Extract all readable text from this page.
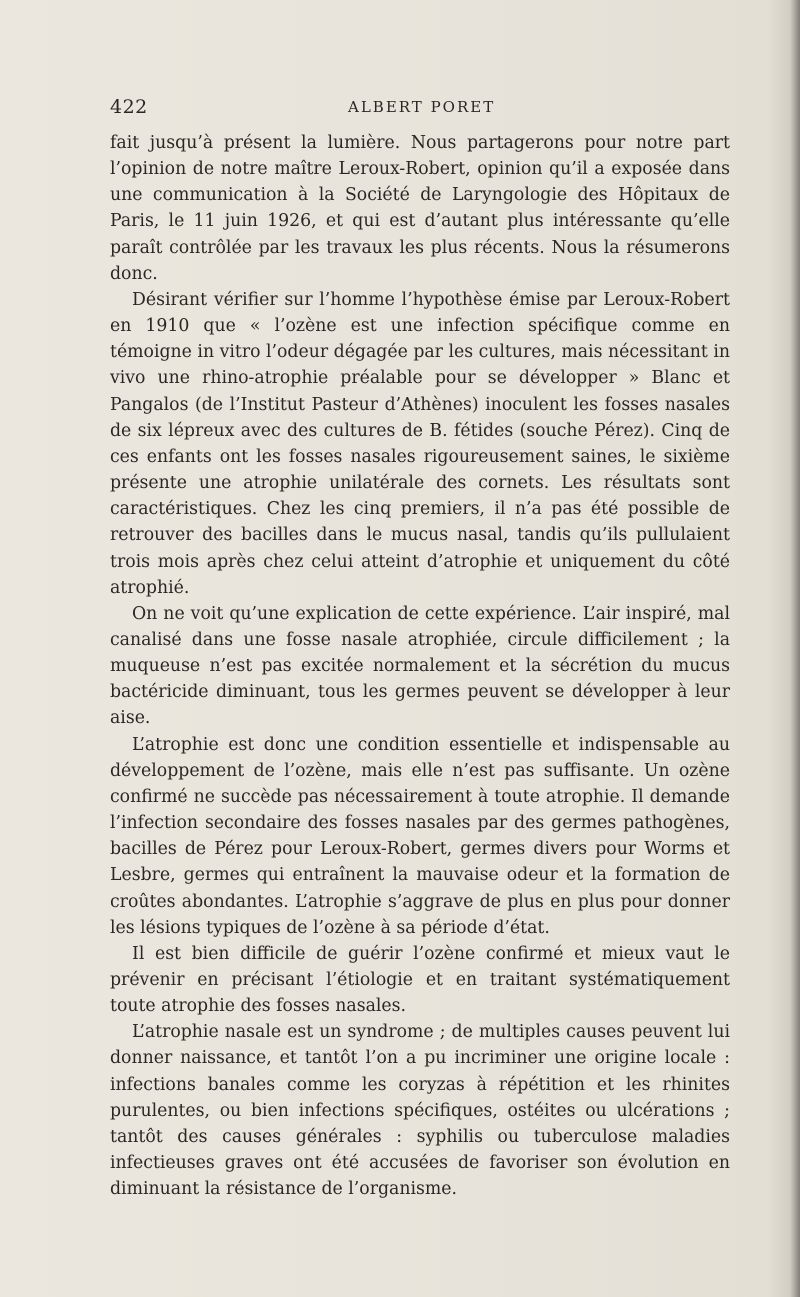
422	ALBERT PORET

fait jusqu’à présent la lumière. Nous partagerons pour notre part l’opinion de notre maître Leroux-Robert, opinion qu’il a exposée dans une communication à la Société de Laryngologie des Hôpitaux de Paris, le 11 juin 1926, et qui est d’autant plus intéressante qu’elle paraît contrôlée par les travaux les plus récents. Nous la résumerons donc.

Désirant vérifier sur l’homme l’hypothèse émise par Leroux-Robert en 1910 que « l’ozène est une infection spécifique comme en témoigne in vitro l’odeur dégagée par les cultures, mais nécessitant in vivo une rhino-atrophie préalable pour se développer » Blanc et Pangalos (de l’Institut Pasteur d’Athènes) inoculent les fosses nasales de six lépreux avec des cultures de B. fétides (souche Pérez). Cinq de ces enfants ont les fosses nasales rigoureusement saines, le sixième présente une atrophie unilatérale des cornets. Les résultats sont caractéristiques. Chez les cinq premiers, il n’a pas été possible de retrouver des bacilles dans le mucus nasal, tandis qu’ils pullulaient trois mois après chez celui atteint d’atrophie et uniquement du côté atrophié.

On ne voit qu’une explication de cette expérience. L’air inspiré, mal canalisé dans une fosse nasale atrophiée, circule difficilement ; la muqueuse n’est pas excitée normalement et la sécrétion du mucus bactéricide diminuant, tous les germes peuvent se développer à leur aise.

L’atrophie est donc une condition essentielle et indispensable au développement de l’ozène, mais elle n’est pas suffisante. Un ozène confirmé ne succède pas nécessairement à toute atrophie. Il demande l’infection secondaire des fosses nasales par des germes pathogènes, bacilles de Pérez pour Leroux-Robert, germes divers pour Worms et Lesbre, germes qui entraînent la mauvaise odeur et la formation de croûtes abondantes. L’atrophie s’aggrave de plus en plus pour donner les lésions typiques de l’ozène à sa période d’état.

Il est bien difficile de guérir l’ozène confirmé et mieux vaut le prévenir en précisant l’étiologie et en traitant systématiquement toute atrophie des fosses nasales.

L’atrophie nasale est un syndrome ; de multiples causes peuvent lui donner naissance, et tantôt l’on a pu incriminer une origine locale : infections banales comme les coryzas à répétition et les rhinites purulentes, ou bien infections spécifiques, ostéites ou ulcérations ; tantôt des causes générales : syphilis ou tuberculose maladies infectieuses graves ont été accusées de favoriser son évolution en diminuant la résistance de l’organisme.
